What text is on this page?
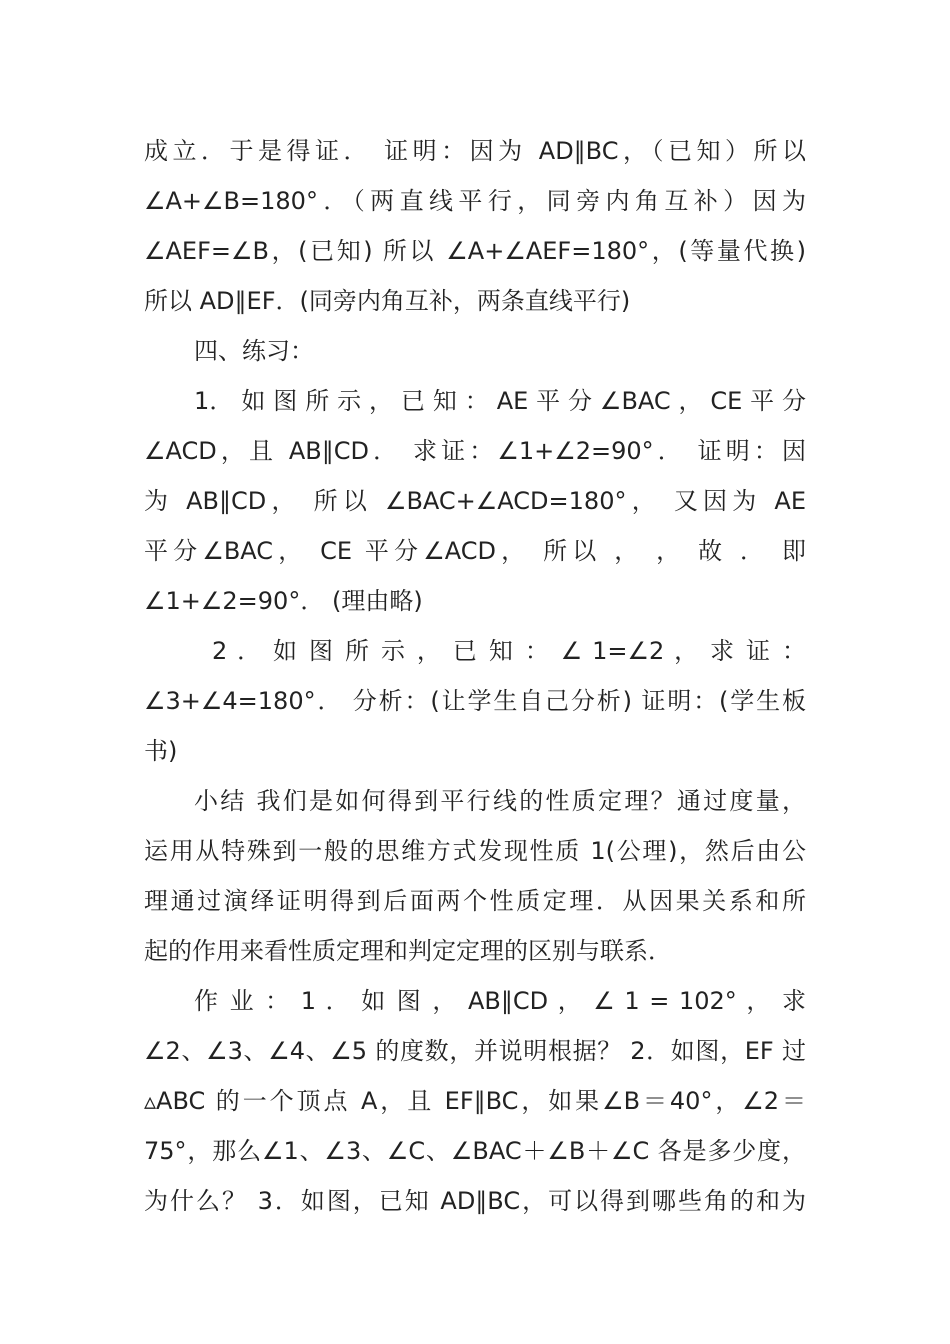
成立．于是得证． 证明：因为 AD∥BC，（已知）所以
∠A+∠B=180°．（两直线平行，同旁内角互补）因为
∠AEF=∠B，(已知) 所以 ∠A+∠AEF=180°，(等量代换)
所以 AD∥EF．(同旁内角互补，两条直线平行)
四、练习：
1． 如 图 所 示 ， 已 知 ： AE 平 分 ∠BAC ， CE 平 分
∠ACD，且 AB∥CD． 求证：∠1+∠2=90°． 证明：因
为 AB∥CD， 所以 ∠BAC+∠ACD=180°， 又因为 AE
平分∠BAC， CE 平分∠ACD， 所以 ， ， 故 ． 即
∠1+∠2=90°． (理由略)
2 ． 如 图 所 示 ， 已 知 ： ∠ 1=∠2 ， 求 证 ：
∠3+∠4=180°． 分析：(让学生自己分析) 证明：(学生板
书)
小结 我们是如何得到平行线的性质定理？通过度量，
运用从特殊到一般的思维方式发现性质 1(公理)，然后由公
理通过演绎证明得到后面两个性质定理．从因果关系和所
起的作用来看性质定理和判定定理的区别与联系．
作 业 ： 1 ． 如 图 ， AB∥CD ， ∠ 1 = 102° ， 求
∠2、∠3、∠4、∠5 的度数，并说明根据？ 2．如图，EF 过
▵ABC 的一个顶点 A，且 EF∥BC，如果∠B＝40°，∠2＝
75°，那么∠1、∠3、∠C、∠BAC＋∠B＋∠C 各是多少度，
为什么？ 3．如图，已知 AD∥BC，可以得到哪些角的和为
